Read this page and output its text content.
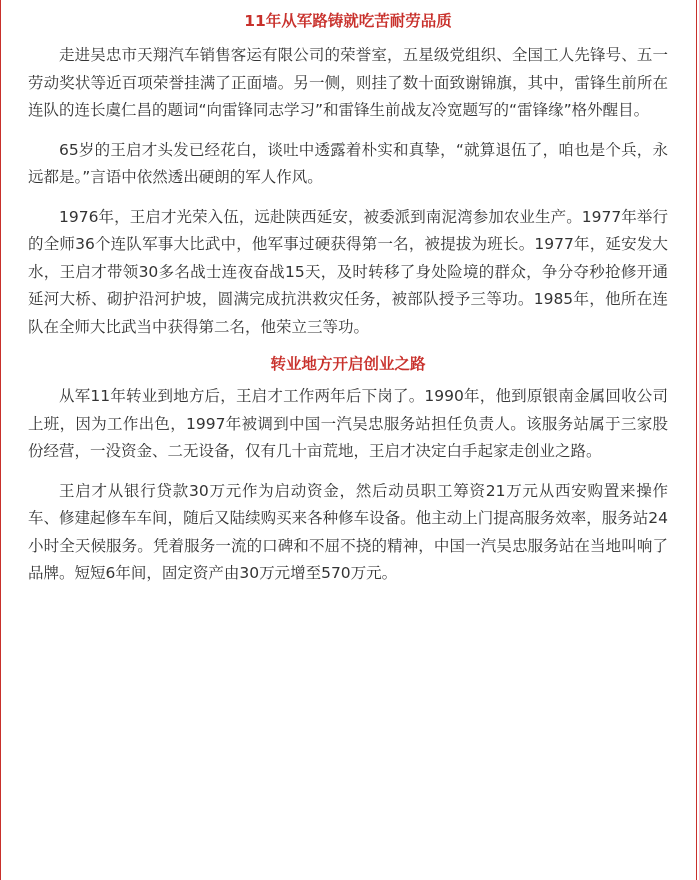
11年从军路铸就吃苦耐劳品质

走进吴忠市天翔汽车销售客运有限公司的荣誉室，五星级党组织、全国工人先锋号、五一劳动奖状等近百项荣誉挂满了正面墙。另一侧，则挂了数十面致谢锦旗，其中，雷锋生前所在连队的连长虞仁昌的题词“向雷锋同志学习”和雷锋生前战友冷宽题写的“雷锋缘”格外醒目。

65岁的王启才头发已经花白，谈吐中透露着朴实和真挚，“就算退伍了，咱也是个兵，永远都是。”言语中依然透出硬朗的军人作风。

1976年，王启才光荣入伍，远赴陕西延安，被委派到南泥湾参加农业生产。1977年举行的全师36个连队军事大比武中，他军事过硬获得第一名，被提拔为班长。1977年，延安发大水，王启才带领30多名战士连夜奋战15天，及时转移了身处险境的群众，争分夺秒抢修开通延河大桥、砌护沿河护坡，圆满完成抗洪救灾任务，被部队授予三等功。1985年，他所在连队在全师大比武当中获得第二名，他荣立三等功。

转业地方开启创业之路

从军11年转业到地方后，王启才工作两年后下岗了。1990年，他到原银南金属回收公司上班，因为工作出色，1997年被调到中国一汽吴忠服务站担任负责人。该服务站属于三家股份经营，一没资金、二无设备，仅有几十亩荒地，王启才决定白手起家走创业之路。

王启才从银行贷款30万元作为启动资金，然后动员职工筹资21万元从西安购置来操作车、修建起修车车间，随后又陆续购买来各种修车设备。他主动上门提高服务效率，服务站24小时全天候服务。凭着服务一流的口碑和不屈不挠的精神，中国一汽吴忠服务站在当地叫响了品牌。短短6年间，固定资产由30万元增至570万元。
